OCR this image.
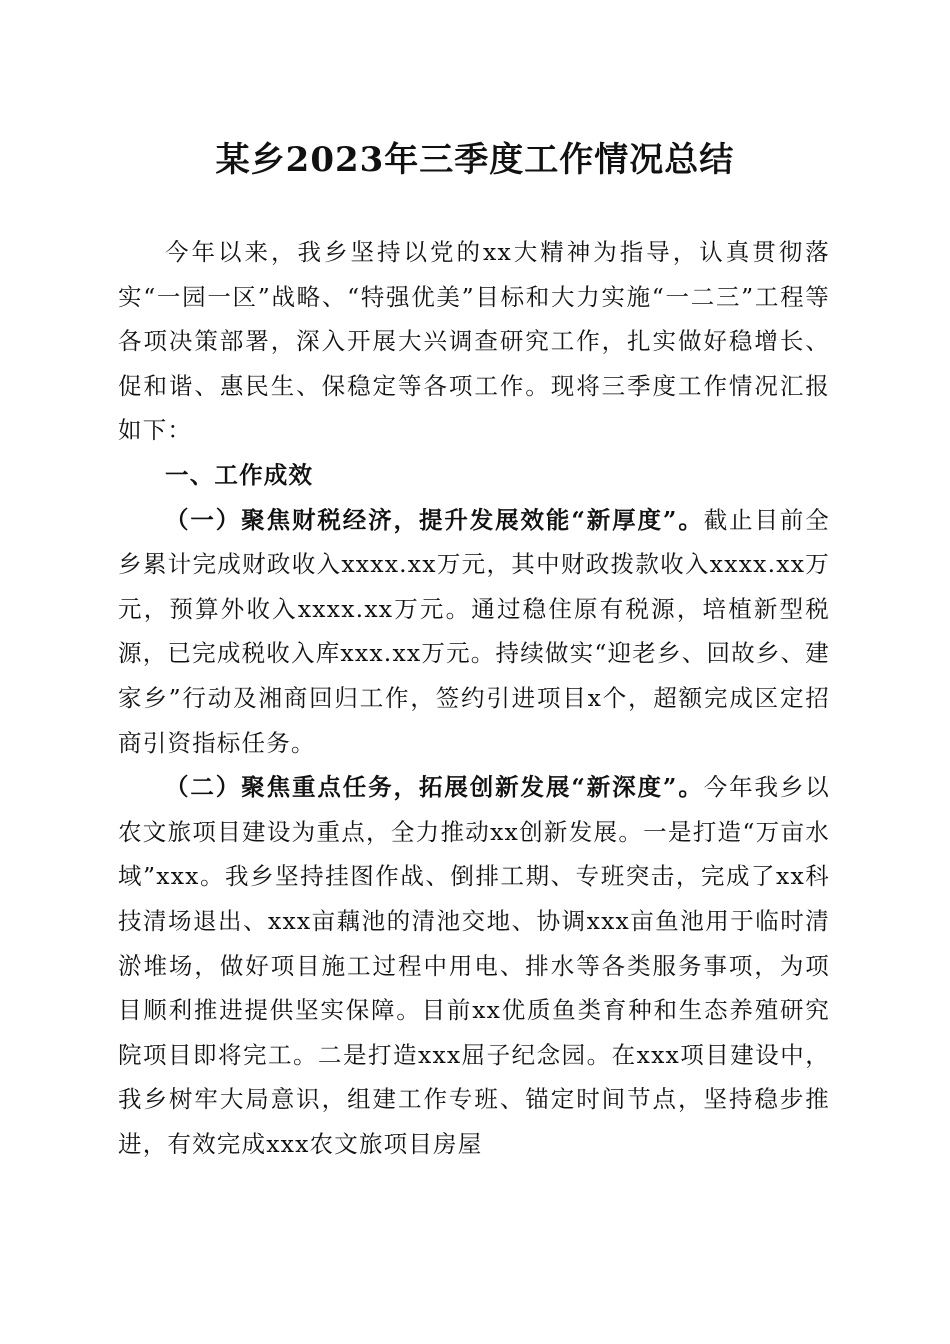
某乡2023年三季度工作情况总结

今年以来，我乡坚持以党的xx大精神为指导，认真贯彻落实“一园一区”战略、“特强优美”目标和大力实施“一二三”工程等各项决策部署，深入开展大兴调查研究工作，扎实做好稳增长、促和谐、惠民生、保稳定等各项工作。现将三季度工作情况汇报如下：

一、工作成效

（一）聚焦财税经济，提升发展效能“新厚度”。截止目前全乡累计完成财政收入xxxx.xx万元，其中财政拨款收入xxxx.xx万元，预算外收入xxxx.xx万元。通过稳住原有税源，培植新型税源，已完成税收入库xxx.xx万元。持续做实“迎老乡、回故乡、建家乡”行动及湘商回归工作，签约引进项目x个，超额完成区定招商引资指标任务。

（二）聚焦重点任务，拓展创新发展“新深度”。今年我乡以农文旅项目建设为重点，全力推动xx创新发展。一是打造“万亩水域”xxx。我乡坚持挂图作战、倒排工期、专班突击，完成了xx科技清场退出、xxx亩藕池的清池交地、协调xxx亩鱼池用于临时清淤堆场，做好项目施工过程中用电、排水等各类服务事项，为项目顺利推进提供坚实保障。目前xx优质鱼类育种和生态养殖研究院项目即将完工。二是打造xxx屈子纪念园。在xxx项目建设中，我乡树牢大局意识，组建工作专班、锚定时间节点，坚持稳步推进，有效完成xxx农文旅项目房屋
